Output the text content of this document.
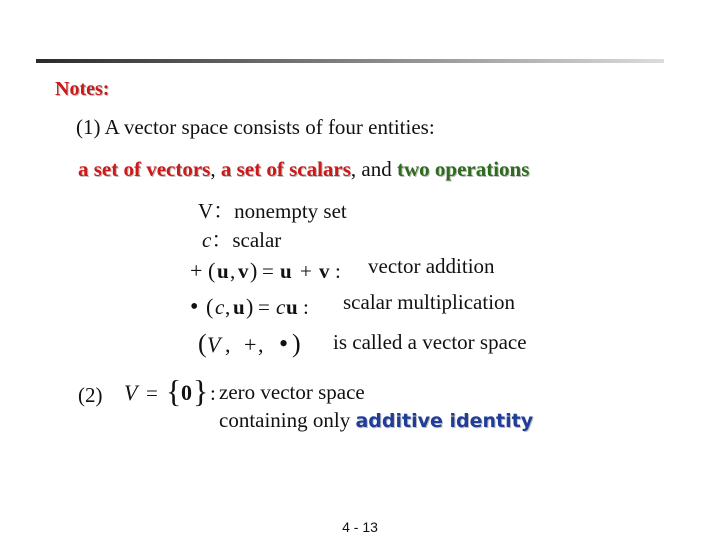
Notes:
(1) A vector space consists of four entities:
a set of vectors, a set of scalars, and two operations
V：nonempty set
c：scalar
+ ( u , v ) = u + v : vector addition
• ( c , u ) = c u : scalar multiplication
( V , + , • ) is called a vector space
(2) V = { 0 } : zero vector space
containing only additive identity
4 - 13
